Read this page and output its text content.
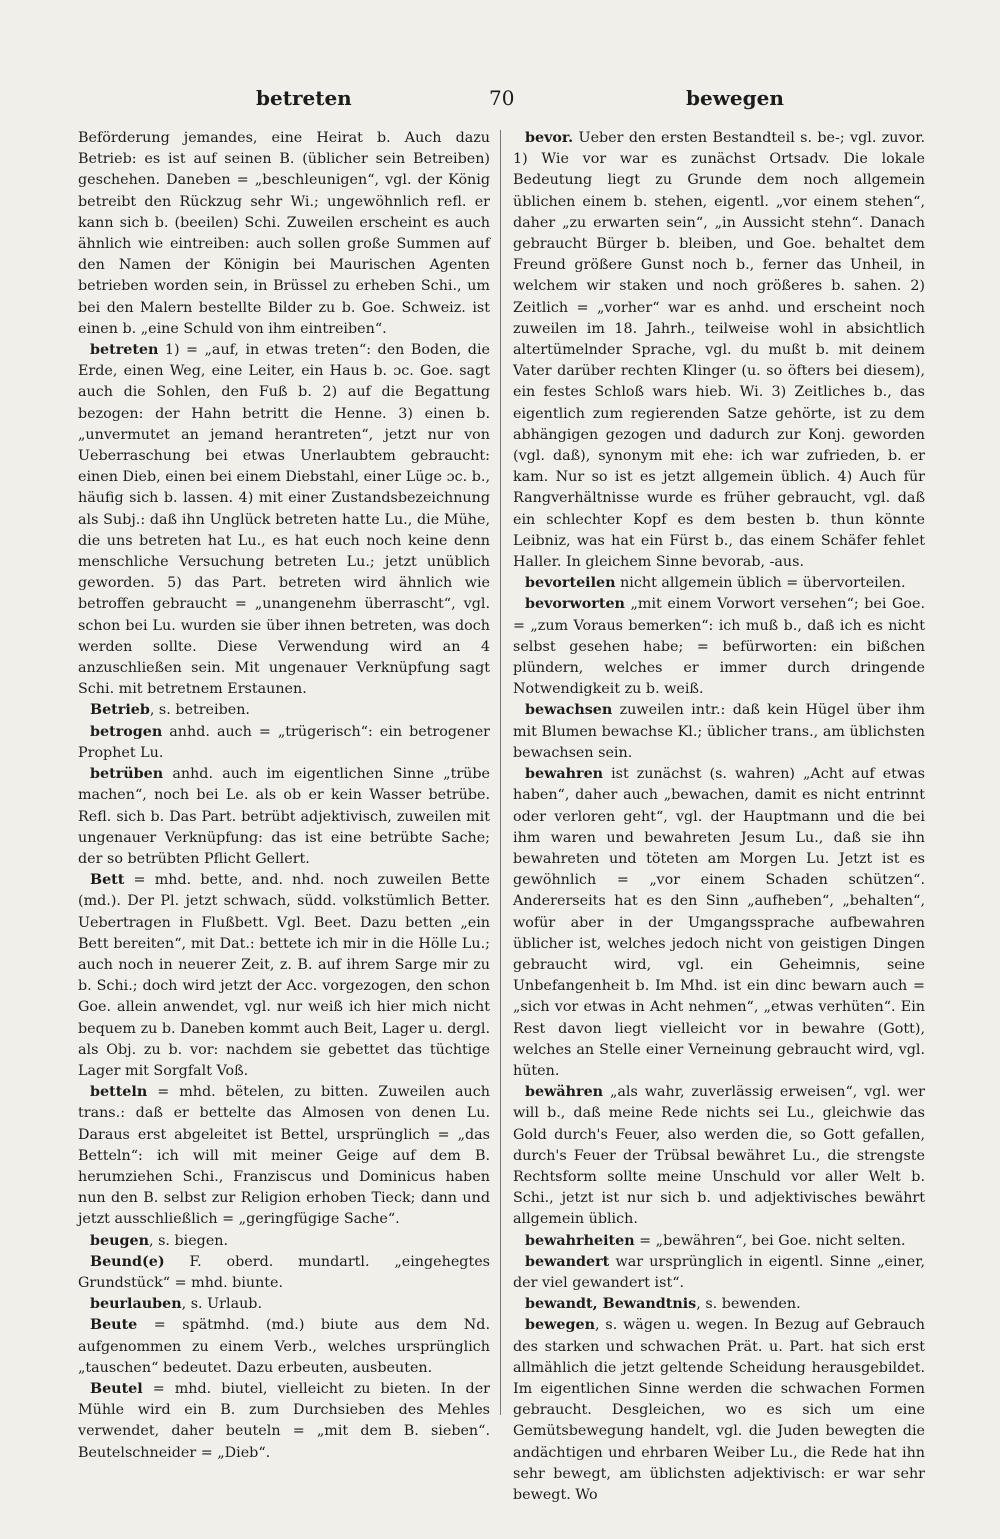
betreten	70	bewegen

Beförderung jemandes, eine Heirat b. Auch dazu Betrieb: es ist auf seinen B. (üblicher sein Betreiben) geschehen. Daneben = „beschleunigen“, vgl. der König betreibt den Rückzug sehr Wi.; ungewöhnlich refl. er kann sich b. (beeilen) Schi. Zuweilen erscheint es auch ähnlich wie eintreiben: auch sollen große Summen auf den Namen der Königin bei Maurischen Agenten betrieben worden sein, in Brüssel zu erheben Schi., um bei den Malern bestellte Bilder zu b. Goe. Schweiz. ist einen b. „eine Schuld von ihm eintreiben“.

betreten 1) = „auf, in etwas treten“: den Boden, die Erde, einen Weg, eine Leiter, ein Haus b. ɔc. Goe. sagt auch die Sohlen, den Fuß b. 2) auf die Begattung bezogen: der Hahn betritt die Henne. 3) einen b. „unvermutet an jemand herantreten“, jetzt nur von Ueberraschung bei etwas Unerlaubtem gebraucht: einen Dieb, einen bei einem Diebstahl, einer Lüge ɔc. b., häufig sich b. lassen. 4) mit einer Zustandsbezeichnung als Subj.: daß ihn Unglück betreten hatte Lu., die Mühe, die uns betreten hat Lu., es hat euch noch keine denn menschliche Versuchung betreten Lu.; jetzt unüblich geworden. 5) das Part. betreten wird ähnlich wie betroffen gebraucht = „unangenehm überrascht“, vgl. schon bei Lu. wurden sie über ihnen betreten, was doch werden sollte. Diese Verwendung wird an 4 anzuschließen sein. Mit ungenauer Verknüpfung sagt Schi. mit betretnem Erstaunen.

Betrieb, s. betreiben.

betrogen anhd. auch = „trügerisch“: ein betrogener Prophet Lu.

betrüben anhd. auch im eigentlichen Sinne „trübe machen“, noch bei Le. als ob er kein Wasser betrübe. Refl. sich b. Das Part. betrübt adjektivisch, zuweilen mit ungenauer Verknüpfung: das ist eine betrübte Sache; der so betrübten Pflicht Gellert.

Bett = mhd. bette, and. nhd. noch zuweilen Bette (md.). Der Pl. jetzt schwach, südd. volkstümlich Better. Uebertragen in Flußbett. Vgl. Beet. Dazu betten „ein Bett bereiten“, mit Dat.: bettete ich mir in die Hölle Lu.; auch noch in neuerer Zeit, z. B. auf ihrem Sarge mir zu b. Schi.; doch wird jetzt der Acc. vorgezogen, den schon Goe. allein anwendet, vgl. nur weiß ich hier mich nicht bequem zu b. Daneben kommt auch Beit, Lager u. dergl. als Obj. zu b. vor: nachdem sie gebettet das tüchtige Lager mit Sorgfalt Voß.

betteln = mhd. bëtelen, zu bitten. Zuweilen auch trans.: daß er bettelte das Almosen von denen Lu. Daraus erst abgeleitet ist Bettel, ursprünglich = „das Betteln“: ich will mit meiner Geige auf dem B. herumziehen Schi., Franziscus und Dominicus haben nun den B. selbst zur Religion erhoben Tieck; dann und jetzt ausschließlich = „geringfügige Sache“.

beugen, s. biegen.

Beund(e) F. oberd. mundartl. „eingehegtes Grundstück“ = mhd. biunte.

beurlauben, s. Urlaub.

Beute = spätmhd. (md.) biute aus dem Nd. aufgenommen zu einem Verb., welches ursprünglich „tauschen“ bedeutet. Dazu erbeuten, ausbeuten.

Beutel = mhd. biutel, vielleicht zu bieten. In der Mühle wird ein B. zum Durchsieben des Mehles verwendet, daher beuteln = „mit dem B. sieben“. Beutelschneider = „Dieb“.

bevor. Ueber den ersten Bestandteil s. be-; vgl. zuvor. 1) Wie vor war es zunächst Ortsadv. Die lokale Bedeutung liegt zu Grunde dem noch allgemein üblichen einem b. stehen, eigentl. „vor einem stehen“, daher „zu erwarten sein“, „in Aussicht stehn“. Danach gebraucht Bürger b. bleiben, und Goe. behaltet dem Freund größere Gunst noch b., ferner das Unheil, in welchem wir staken und noch größeres b. sahen. 2) Zeitlich = „vorher“ war es anhd. und erscheint noch zuweilen im 18. Jahrh., teilweise wohl in absichtlich altertümelnder Sprache, vgl. du mußt b. mit deinem Vater darüber rechten Klinger (u. so öfters bei diesem), ein festes Schloß wars hieb. Wi. 3) Zeitliches b., das eigentlich zum regierenden Satze gehörte, ist zu dem abhängigen gezogen und dadurch zur Konj. geworden (vgl. daß), synonym mit ehe: ich war zufrieden, b. er kam. Nur so ist es jetzt allgemein üblich. 4) Auch für Rangverhältnisse wurde es früher gebraucht, vgl. daß ein schlechter Kopf es dem besten b. thun könnte Leibniz, was hat ein Fürst b., das einem Schäfer fehlet Haller. In gleichem Sinne bevorab, -aus.

bevorteilen nicht allgemein üblich = übervorteilen.

bevorworten „mit einem Vorwort versehen“; bei Goe. = „zum Voraus bemerken“: ich muß b., daß ich es nicht selbst gesehen habe; = befürworten: ein bißchen plündern, welches er immer durch dringende Notwendigkeit zu b. weiß.

bewachsen zuweilen intr.: daß kein Hügel über ihm mit Blumen bewachse Kl.; üblicher trans., am üblichsten bewachsen sein.

bewahren ist zunächst (s. wahren) „Acht auf etwas haben“, daher auch „bewachen, damit es nicht entrinnt oder verloren geht“, vgl. der Hauptmann und die bei ihm waren und bewahreten Jesum Lu., daß sie ihn bewahreten und töteten am Morgen Lu. Jetzt ist es gewöhnlich = „vor einem Schaden schützen“. Andererseits hat es den Sinn „aufheben“, „behalten“, wofür aber in der Umgangssprache aufbewahren üblicher ist, welches jedoch nicht von geistigen Dingen gebraucht wird, vgl. ein Geheimnis, seine Unbefangenheit b. Im Mhd. ist ein dinc bewarn auch = „sich vor etwas in Acht nehmen“, „etwas verhüten“. Ein Rest davon liegt vielleicht vor in bewahre (Gott), welches an Stelle einer Verneinung gebraucht wird, vgl. hüten.

bewähren „als wahr, zuverlässig erweisen“, vgl. wer will b., daß meine Rede nichts sei Lu., gleichwie das Gold durch's Feuer, also werden die, so Gott gefallen, durch's Feuer der Trübsal bewähret Lu., die strengste Rechtsform sollte meine Unschuld vor aller Welt b. Schi., jetzt ist nur sich b. und adjektivisches bewährt allgemein üblich.

bewahrheiten = „bewähren“, bei Goe. nicht selten.

bewandert war ursprünglich in eigentl. Sinne „einer, der viel gewandert ist“.

bewandt, Bewandtnis, s. bewenden.

bewegen, s. wägen u. wegen. In Bezug auf Gebrauch des starken und schwachen Prät. u. Part. hat sich erst allmählich die jetzt geltende Scheidung herausgebildet. Im eigentlichen Sinne werden die schwachen Formen gebraucht. Desgleichen, wo es sich um eine Gemütsbewegung handelt, vgl. die Juden bewegten die andächtigen und ehrbaren Weiber Lu., die Rede hat ihn sehr bewegt, am üblichsten adjektivisch: er war sehr bewegt. Wo
